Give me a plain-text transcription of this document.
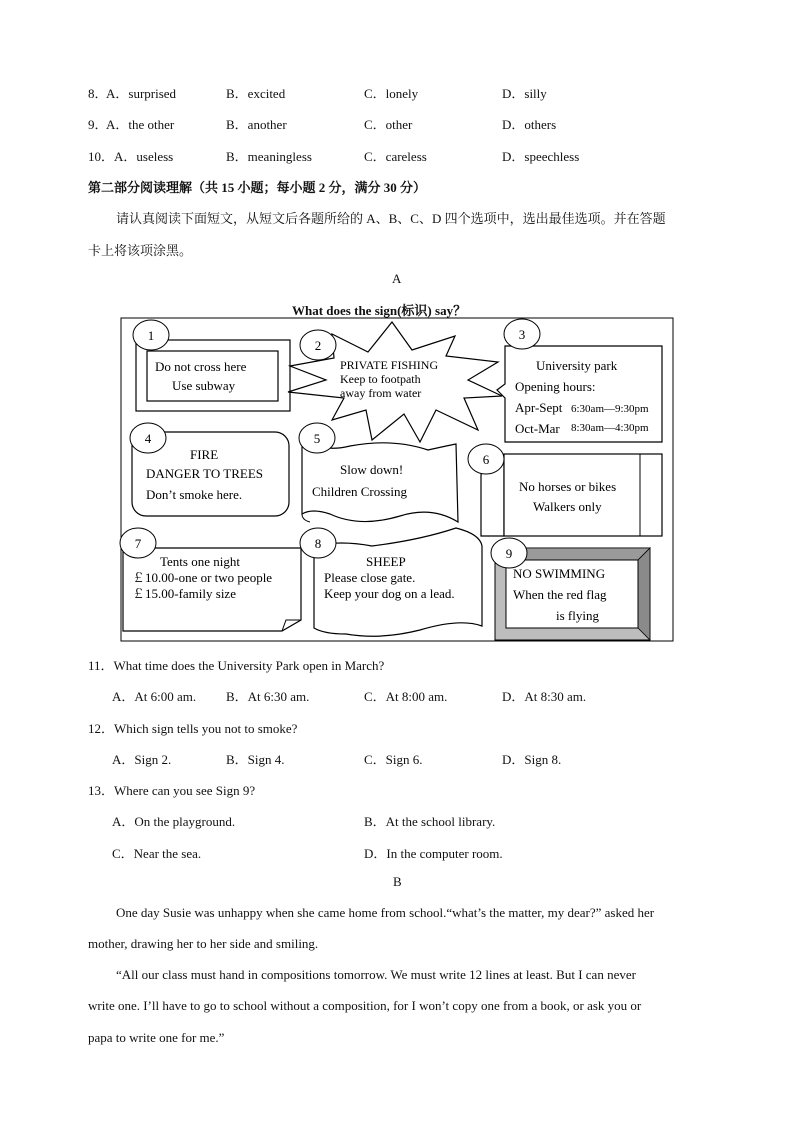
8．
A．surprised	B．excited	C．lonely	D．silly
9．
A．the other	B．another	C．other	D．others
10． A．useless	B．meaningless	C．careless	D．speechless
第二部分阅读理解（共 15 小题；每小题 2 分，满分 30 分）
请认真阅读下面短文，从短文后各题所给的 A、B、C、D 四个选项中，选出最佳选项。并在答题
卡上将该项涂黑。
A
What does the sign(标识) say？
1
Do not cross here
Use subway
2
PRIVATE FISHING
Keep to footpath
away from water
3
University park
Opening hours:
Apr-Sept 6:30am—9:30pm
Oct-Mar 8:30am—4:30pm
4
FIRE
DANGER TO TREES
Don’t smoke here.
5
Slow down!
Children Crossing
6
No horses or bikes
Walkers only
7
Tents one night
￡10.00-one or two people
￡15.00-family size
8
SHEEP
Please close gate.
Keep your dog on a lead.
9
NO SWIMMING
When the red flag
is flying
11．What time does the University Park open in March?
A．At 6:00 am. B．At 6:30 am.	C．At 8:00 am.	D．At 8:30 am.
12．Which sign tells you not to smoke?
A．Sign 2.	B．Sign 4.	C．Sign 6.	D．Sign 8.
13．Where can you see Sign 9?
A．On the playground.	B．At the school library.
C．Near the sea.	D．In the computer room.
B
One day Susie was unhappy when she came home from school.“what’s the matter, my dear?” asked her
mother, drawing her to her side and smiling.
“All our class must hand in compositions tomorrow. We must write 12 lines at least. But I can never
write one. I’ll have to go to school without a composition, for I won’t copy one from a book, or ask you or
papa to write one for me.”
